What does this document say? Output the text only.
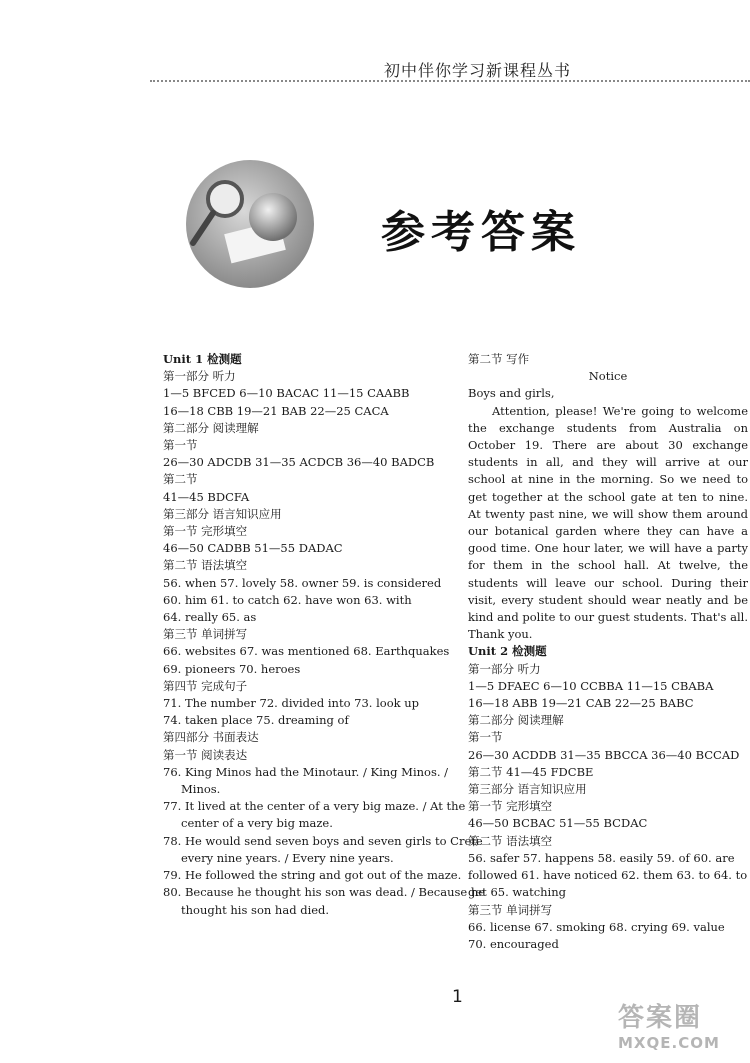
初中伴你学习新课程丛书
参考答案
Unit 1 检测题
第一部分 听力
1—5 BFCED 6—10 BACAC 11—15 CAABB
16—18 CBB 19—21 BAB 22—25 CACA
第二部分 阅读理解
第一节
26—30 ADCDB 31—35 ACDCB 36—40 BADCB
第二节
41—45 BDCFA
第三部分 语言知识应用
第一节 完形填空
46—50 CADBB 51—55 DADAC
第二节 语法填空
56. when 57. lovely 58. owner 59. is considered
60. him 61. to catch 62. have won 63. with
64. really 65. as
第三节 单词拼写
66. websites 67. was mentioned 68. Earthquakes
69. pioneers 70. heroes
第四节 完成句子
71. The number 72. divided into 73. look up
74. taken place 75. dreaming of
第四部分 书面表达
第一节 阅读表达
76. King Minos had the Minotaur. / King Minos. /
Minos.
77. It lived at the center of a very big maze. / At the
center of a very big maze.
78. He would send seven boys and seven girls to Crete
every nine years. / Every nine years.
79. He followed the string and got out of the maze.
80. Because he thought his son was dead. / Because he
thought his son had died.
第二节 写作
Notice
Boys and girls,
Attention, please! We're going to welcome the exchange students from Australia on October 19. There are about 30 exchange students in all, and they will arrive at our school at nine in the morning. So we need to get together at the school gate at ten to nine. At twenty past nine, we will show them around our botanical garden where they can have a good time. One hour later, we will have a party for them in the school hall. At twelve, the students will leave our school. During their visit, every student should wear neatly and be kind and polite to our guest students. That's all.
Thank you.
Unit 2 检测题
第一部分 听力
1—5 DFAEC 6—10 CCBBA 11—15 CBABA
16—18 ABB 19—21 CAB 22—25 BABC
第二部分 阅读理解
第一节
26—30 ACDDB 31—35 BBCCA 36—40 BCCAD
第二节 41—45 FDCBE
第三部分 语言知识应用
第一节 完形填空
46—50 BCBAC 51—55 BCDAC
第二节 语法填空
56. safer 57. happens 58. easily 59. of 60. are
followed 61. have noticed 62. them 63. to 64. to
get 65. watching
第三节 单词拼写
66. license 67. smoking 68. crying 69. value
70. encouraged
1
答案圈
MXQE.COM
